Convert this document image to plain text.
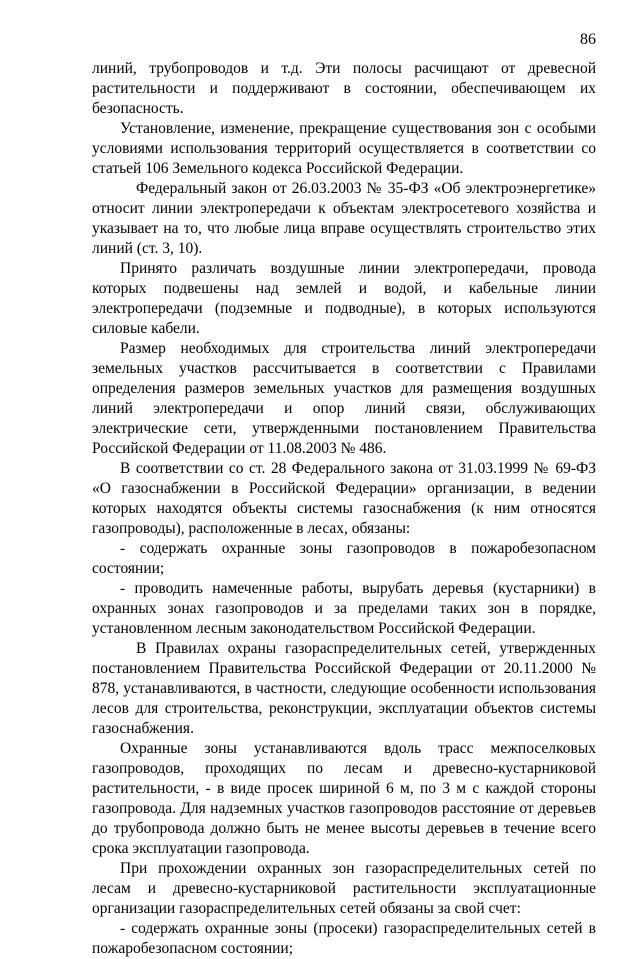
86

линий, трубопроводов и т.д. Эти полосы расчищают от древесной растительности и поддерживают в состоянии, обеспечивающем их безопасность.

Установление, изменение, прекращение существования зон с особыми условиями использования территорий осуществляется в соответствии со статьей 106 Земельного кодекса Российской Федерации.

Федеральный закон от 26.03.2003 № 35-ФЗ «Об электроэнергетике» относит линии электропередачи к объектам электросетевого хозяйства и указывает на то, что любые лица вправе осуществлять строительство этих линий (ст. 3, 10).

Принято различать воздушные линии электропередачи, провода которых подвешены над землей и водой, и кабельные линии электропередачи (подземные и подводные), в которых используются силовые кабели.

Размер необходимых для строительства линий электропередачи земельных участков рассчитывается в соответствии с Правилами определения размеров земельных участков для размещения воздушных линий электропередачи и опор линий связи, обслуживающих электрические сети, утвержденными постановлением Правительства Российской Федерации от 11.08.2003 № 486.

В соответствии со ст. 28 Федерального закона от 31.03.1999 № 69-ФЗ «О газоснабжении в Российской Федерации» организации, в ведении которых находятся объекты системы газоснабжения (к ним относятся газопроводы), расположенные в лесах, обязаны:

- содержать охранные зоны газопроводов в пожаробезопасном состоянии;

- проводить намеченные работы, вырубать деревья (кустарники) в охранных зонах газопроводов и за пределами таких зон в порядке, установленном лесным законодательством Российской Федерации.

В Правилах охраны газораспределительных сетей, утвержденных постановлением Правительства Российской Федерации от 20.11.2000 № 878, устанавливаются, в частности, следующие особенности использования лесов для строительства, реконструкции, эксплуатации объектов системы газоснабжения.

Охранные зоны устанавливаются вдоль трасс межпоселковых газопроводов, проходящих по лесам и древесно-кустарниковой растительности, - в виде просек шириной 6 м, по 3 м с каждой стороны газопровода. Для надземных участков газопроводов расстояние от деревьев до трубопровода должно быть не менее высоты деревьев в течение всего срока эксплуатации газопровода.

При прохождении охранных зон газораспределительных сетей по лесам и древесно-кустарниковой растительности эксплуатационные организации газораспределительных сетей обязаны за свой счет:

- содержать охранные зоны (просеки) газораспределительных сетей в пожаробезопасном состоянии;
